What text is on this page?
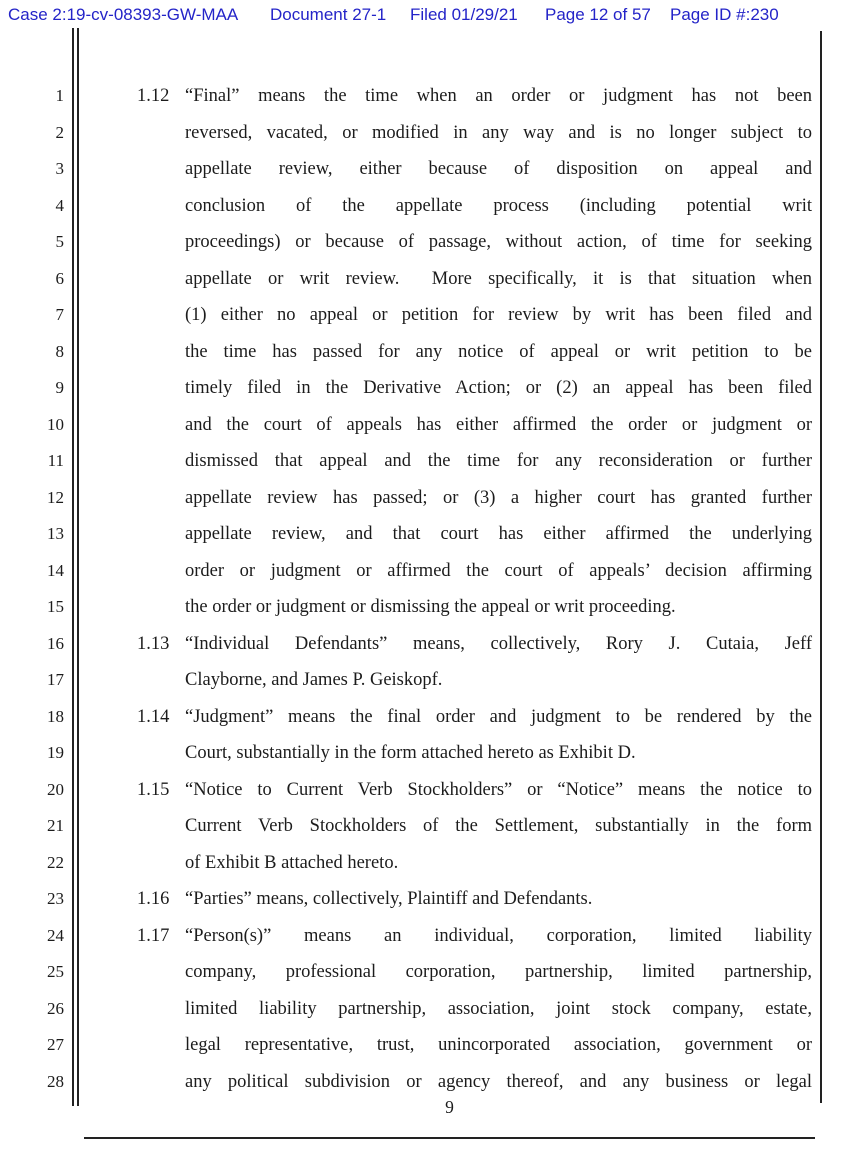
Case 2:19-cv-08393-GW-MAA Document 27-1 Filed 01/29/21 Page 12 of 57 Page ID #:230
1	1.12 “Final” means the time when an order or judgment has not been
2	reversed, vacated, or modified in any way and is no longer subject to
3	appellate review, either because of disposition on appeal and
4	conclusion of the appellate process (including potential writ
5	proceedings) or because of passage, without action, of time for seeking
6	appellate or writ review.  More specifically, it is that situation when
7	(1) either no appeal or petition for review by writ has been filed and
8	the time has passed for any notice of appeal or writ petition to be
9	timely filed in the Derivative Action; or (2) an appeal has been filed
10	and the court of appeals has either affirmed the order or judgment or
11	dismissed that appeal and the time for any reconsideration or further
12	appellate review has passed; or (3) a higher court has granted further
13	appellate review, and that court has either affirmed the underlying
14	order or judgment or affirmed the court of appeals’ decision affirming
15	the order or judgment or dismissing the appeal or writ proceeding.
16	1.13 “Individual Defendants” means, collectively, Rory J. Cutaia, Jeff
17	Clayborne, and James P. Geiskopf.
18	1.14 “Judgment” means the final order and judgment to be rendered by the
19	Court, substantially in the form attached hereto as Exhibit D.
20	1.15 “Notice to Current Verb Stockholders” or “Notice” means the notice to
21	Current Verb Stockholders of the Settlement, substantially in the form
22	of Exhibit B attached hereto.
23	1.16 “Parties” means, collectively, Plaintiff and Defendants.
24	1.17 “Person(s)” means an individual, corporation, limited liability
25	company, professional corporation, partnership, limited partnership,
26	limited liability partnership, association, joint stock company, estate,
27	legal representative, trust, unincorporated association, government or
28	any political subdivision or agency thereof, and any business or legal
9
